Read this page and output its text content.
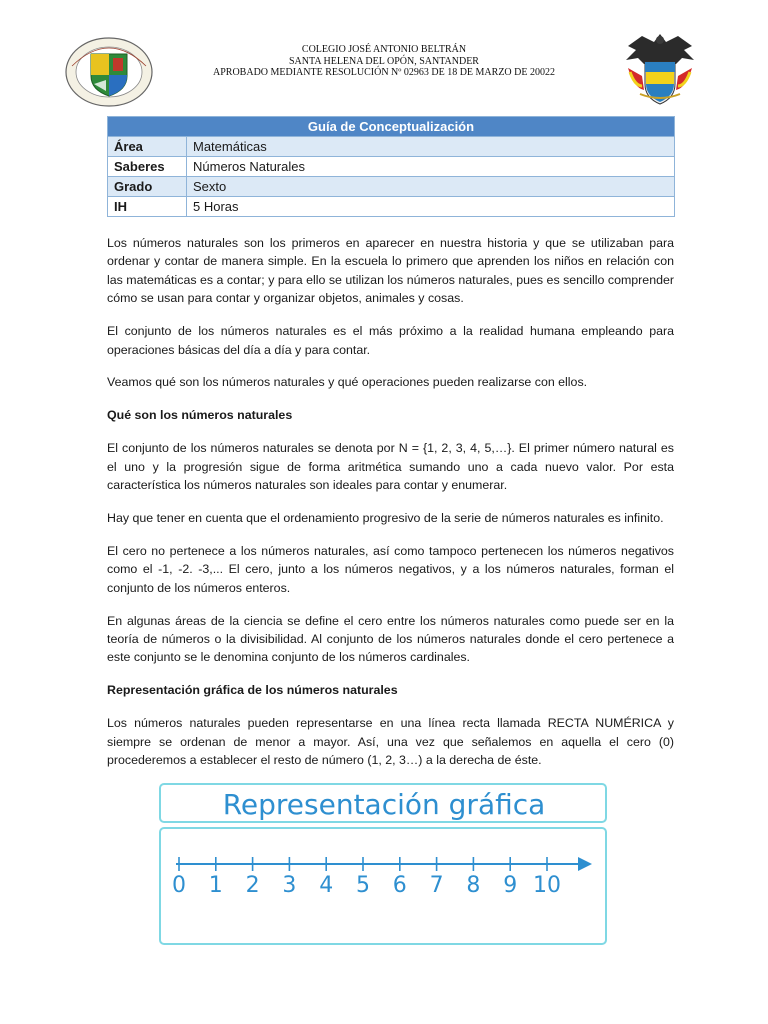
COLEGIO JOSÉ ANTONIO BELTRÁN
SANTA HELENA DEL OPÓN, SANTANDER
APROBADO MEDIANTE RESOLUCIÓN Nº 02963 DE 18 DE MARZO DE 20022
Guía de Conceptualización	
Área	Matemáticas
Saberes	Números Naturales
Grado	Sexto
IH	5 Horas

Los números naturales son los primeros en aparecer en nuestra historia y que se utilizaban para ordenar y contar de manera simple. En la escuela lo primero que aprenden los niños en relación con las matemáticas es a contar; y para ello se utilizan los números naturales, pues es sencillo comprender cómo se usan para contar y organizar objetos, animales y cosas.

El conjunto de los números naturales es el más próximo a la realidad humana empleando para operaciones básicas del día a día y para contar.

Veamos qué son los números naturales y qué operaciones pueden realizarse con ellos.

Qué son los números naturales

El conjunto de los números naturales se denota por N = {1, 2, 3, 4, 5,…}. El primer número natural es el uno y la progresión sigue de forma aritmética sumando uno a cada nuevo valor. Por esta característica los números naturales son ideales para contar y enumerar.

Hay que tener en cuenta que el ordenamiento progresivo de la serie de números naturales es infinito.

El cero no pertenece a los números naturales, así como tampoco pertenecen los números negativos como el -1, -2. -3,... El cero, junto a los números negativos, y a los números naturales, forman el conjunto de los números enteros.

En algunas áreas de la ciencia se define el cero entre los números naturales como puede ser en la teoría de números o la divisibilidad. Al conjunto de los números naturales donde el cero pertenece a este conjunto se le denomina conjunto de los números cardinales.

Representación gráfica de los números naturales

Los números naturales pueden representarse en una línea recta llamada RECTA NUMÉRICA y siempre se ordenan de menor a mayor. Así, una vez que señalemos en aquella el cero (0) procederemos a establecer el resto de número (1, 2, 3…) a la derecha de éste.

Representación gráfica
0 1 2 3 4 5 6 7 8 9 10
